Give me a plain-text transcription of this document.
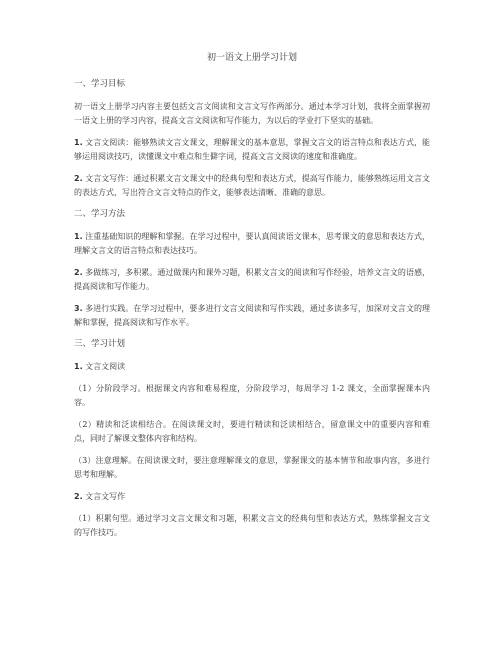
初一语文上册学习计划
一、学习目标

初一语文上册学习内容主要包括文言文阅读和文言文写作两部分。通过本学习计划，我将全面掌握初一语文上册的学习内容，提高文言文阅读和写作能力，为以后的学业打下坚实的基础。

1. 文言文阅读：能够熟读文言文课文，理解课文的基本意思，掌握文言文的语言特点和表达方式，能够运用阅读技巧，读懂课文中难点和生僻字词，提高文言文阅读的速度和准确度。

2. 文言文写作：通过积累文言文课文中的经典句型和表达方式，提高写作能力，能够熟练运用文言文的表达方式，写出符合文言文特点的作文，能够表达清晰、准确的意思。

二、学习方法

1. 注重基础知识的理解和掌握。在学习过程中，要认真阅读语文课本，思考课文的意思和表达方式，理解文言文的语言特点和表达技巧。

2. 多做练习，多积累。通过做课内和课外习题，积累文言文的阅读和写作经验，培养文言文的语感，提高阅读和写作能力。

3. 多进行实践。在学习过程中，要多进行文言文阅读和写作实践，通过多读多写，加深对文言文的理解和掌握，提高阅读和写作水平。

三、学习计划

1. 文言文阅读

（1）分阶段学习。根据课文内容和难易程度，分阶段学习，每周学习 1-2 课文，全面掌握课本内容。

（2）精读和泛读相结合。在阅读课文时，要进行精读和泛读相结合，留意课文中的重要内容和难点，同时了解课文整体内容和结构。

（3）注意理解。在阅读课文时，要注意理解课文的意思，掌握课文的基本情节和故事内容，多进行思考和理解。

2. 文言文写作

（1）积累句型。通过学习文言文课文和习题，积累文言文的经典句型和表达方式，熟练掌握文言文的写作技巧。
